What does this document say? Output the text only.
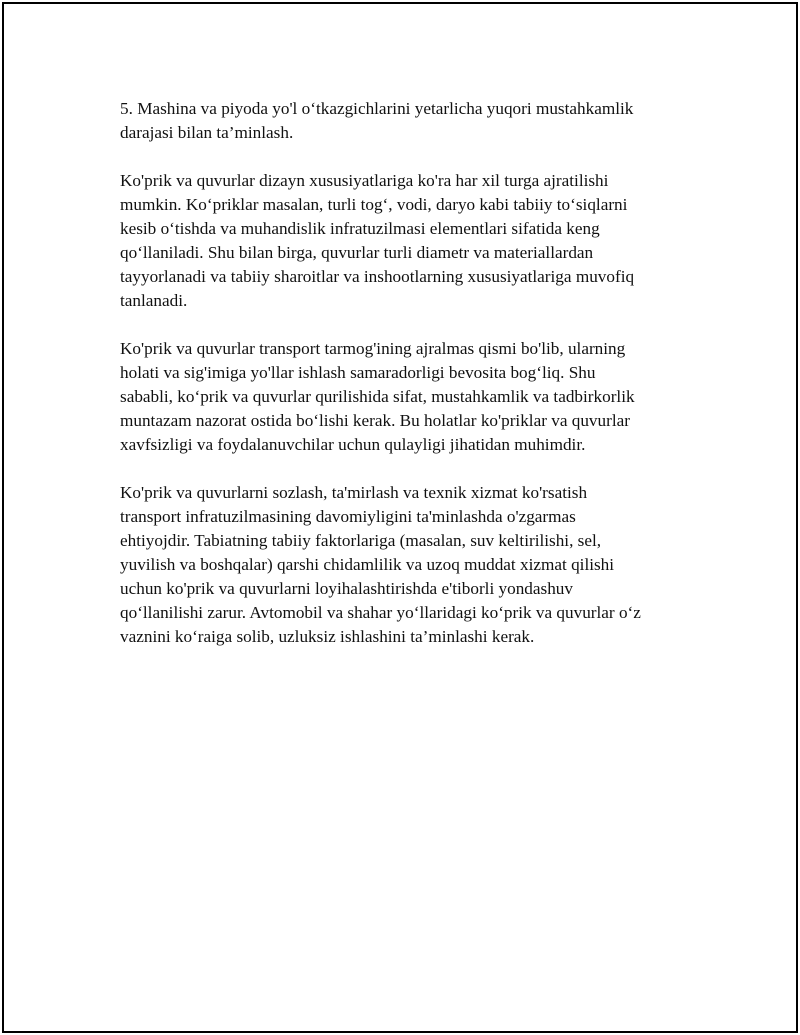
5. Mashina va piyoda yo'l o‘tkazgichlarini yetarlicha yuqori mustahkamlik
darajasi bilan ta’minlash.

Ko'prik va quvurlar dizayn xususiyatlariga ko'ra har xil turga ajratilishi
mumkin. Ko‘priklar masalan, turli tog‘, vodi, daryo kabi tabiiy to‘siqlarni
kesib o‘tishda va muhandislik infratuzilmasi elementlari sifatida keng
qo‘llaniladi. Shu bilan birga, quvurlar turli diametr va materiallardan
tayyorlanadi va tabiiy sharoitlar va inshootlarning xususiyatlariga muvofiq
tanlanadi.

Ko'prik va quvurlar transport tarmog'ining ajralmas qismi bo'lib, ularning
holati va sig'imiga yo'llar ishlash samaradorligi bevosita bog‘liq. Shu
sababli, ko‘prik va quvurlar qurilishida sifat, mustahkamlik va tadbirkorlik
muntazam nazorat ostida bo‘lishi kerak. Bu holatlar ko'priklar va quvurlar
xavfsizligi va foydalanuvchilar uchun qulayligi jihatidan muhimdir.

Ko'prik va quvurlarni sozlash, ta'mirlash va texnik xizmat ko'rsatish
transport infratuzilmasining davomiyligini ta'minlashda o'zgarmas
ehtiyojdir. Tabiatning tabiiy faktorlariga (masalan, suv keltirilishi, sel,
yuvilish va boshqalar) qarshi chidamlilik va uzoq muddat xizmat qilishi
uchun ko'prik va quvurlarni loyihalashtirishda e'tiborli yondashuv
qo‘llanilishi zarur. Avtomobil va shahar yo‘llaridagi ko‘prik va quvurlar o‘z
vaznini ko‘raiga solib, uzluksiz ishlashini ta’minlashi kerak.
